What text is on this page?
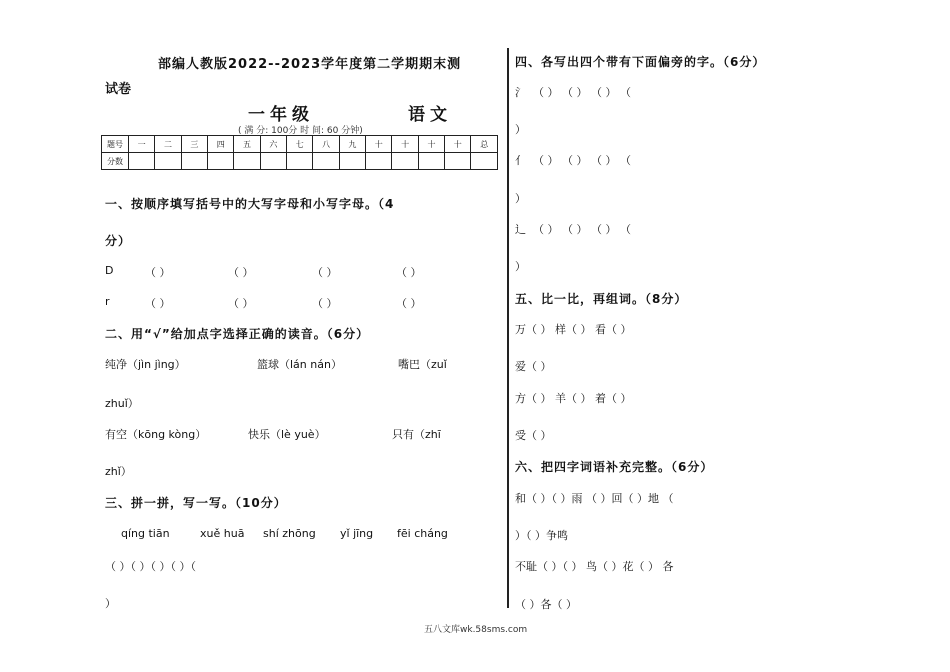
部编人教版2022--2023学年度第二学期期末测
试卷
一年级	语文
( 满 分: 100分 时 间: 60 分钟)
题号	一	二	三	四	五	六	七	八	九	十	十	十	十	总
分数														
一、按顺序填写括号中的大写字母和小写字母。（4
分）
D	（ ）	（ ）	（ ）	（ ）
r	（ ）	（ ）	（ ）	（ ）
二、用“√”给加点字选择正确的读音。（6分）
纯净（jìn jìng）	篮球（lán nán）	嘴巴（zuǐ
zhuǐ）
有空（kōng kòng）	快乐（lè yuè）	只有（zhī
zhǐ）
三、拼一拼，写一写。（10分）
qíng tiān	xuě huā shí zhōng yǐ jīng fēi cháng
（ ）（ ）（ ）（ ）（
）
四、各写出四个带有下面偏旁的字。（6分）
氵 （ ） （ ） （ ） （
）
亻 （ ） （ ） （ ） （
）
辶 （ ） （ ） （ ） （
）
五、比一比，再组词。（8分）
万（ ） 样（ ） 看（ ）
爱（ ）
方（ ） 羊（ ） 着（ ）
受（ ）
六、把四字词语补充完整。（6分）
和（ ）（ ）雨 （ ）回（ ）地 （
）（ ）争鸣
不耻（ ）（ ） 鸟（ ）花（ ） 各
（ ）各（ ）
五八文库wk.58sms.com
